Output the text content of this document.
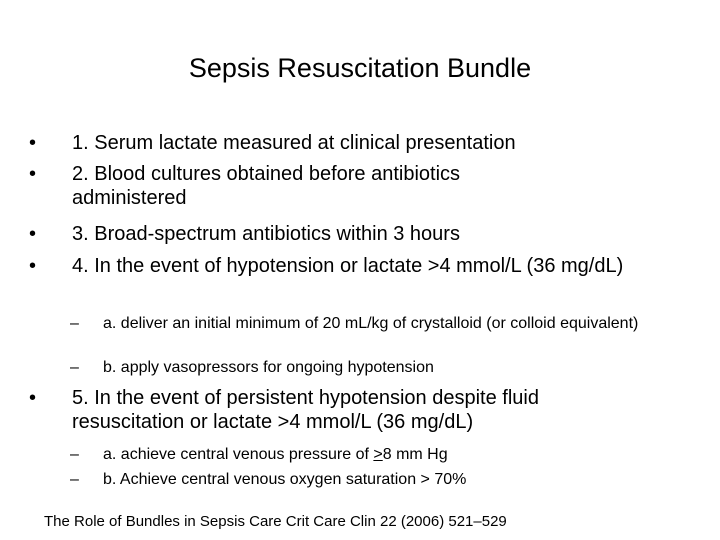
Sepsis Resuscitation Bundle
•	1. Serum lactate measured at clinical presentation
•	2. Blood cultures obtained before antibiotics administered
•	3. Broad-spectrum antibiotics within 3 hours
•	4. In the event of hypotension or lactate >4 mmol/L (36 mg/dL)
–	a. deliver an initial minimum of 20 mL/kg of crystalloid (or colloid equivalent)
–	b. apply vasopressors for ongoing hypotension
•	5. In the event of persistent hypotension despite fluid resuscitation or lactate >4 mmol/L (36 mg/dL)
–	a. achieve central venous pressure of ≥8 mm Hg
–	b. Achieve central venous oxygen saturation > 70%
The Role of Bundles in Sepsis Care Crit Care Clin 22 (2006) 521–529
